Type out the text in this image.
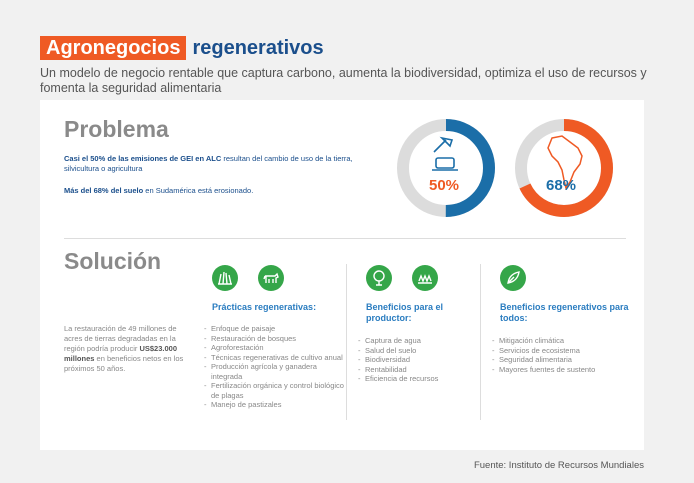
Agronegocios regenerativos
Un modelo de negocio rentable que captura carbono, aumenta la biodiversidad, optimiza el uso de recursos y fomenta la seguridad alimentaria
Problema
Casi el 50% de las emisiones de GEI en ALC resultan del cambio de uso de la tierra, silvicultura o agricultura
Más del 68% del suelo en Sudamérica está erosionado.	50%	68%
Solución
La restauración de 49 millones de acres de tierras degradadas en la región podría producir US$23.000 millones en beneficios netos en los próximos 50 años.
Prácticas regenerativas:
- Enfoque de paisaje
- Restauración de bosques
- Agroforestación
- Técnicas regenerativas de cultivo anual
- Producción agrícola y ganadera integrada
- Fertilización orgánica y control biológico de plagas
- Manejo de pastizales
Beneficios para el productor:
- Captura de agua
- Salud del suelo
- Biodiversidad
- Rentabilidad
- Eficiencia de recursos
Beneficios regenerativos para todos:
- Mitigación climática
- Servicios de ecosistema
- Seguridad alimentaria
- Mayores fuentes de sustento
Fuente: Instituto de Recursos Mundiales
